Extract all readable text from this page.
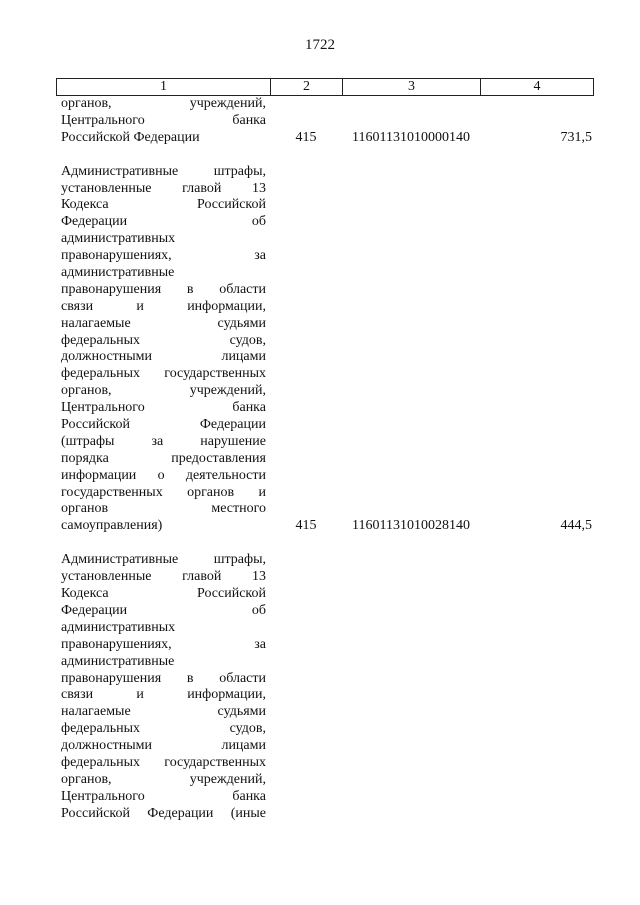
1722
1	2	3	4
органов, учреждений,
Центрального банка
Российской Федерации	415	11601131010000140	731,5
Административные штрафы,
установленные главой 13
Кодекса Российской
Федерации об
административных
правонарушениях, за
административные
правонарушения в области
связи и информации,
налагаемые судьями
федеральных судов,
должностными лицами
федеральных государственных
органов, учреждений,
Центрального банка
Российской Федерации
(штрафы за нарушение
порядка предоставления
информации о деятельности
государственных органов и
органов местного
самоуправления)	415	11601131010028140	444,5
Административные штрафы,
установленные главой 13
Кодекса Российской
Федерации об
административных
правонарушениях, за
административные
правонарушения в области
связи и информации,
налагаемые судьями
федеральных судов,
должностными лицами
федеральных государственных
органов, учреждений,
Центрального банка
Российской Федерации (иные
